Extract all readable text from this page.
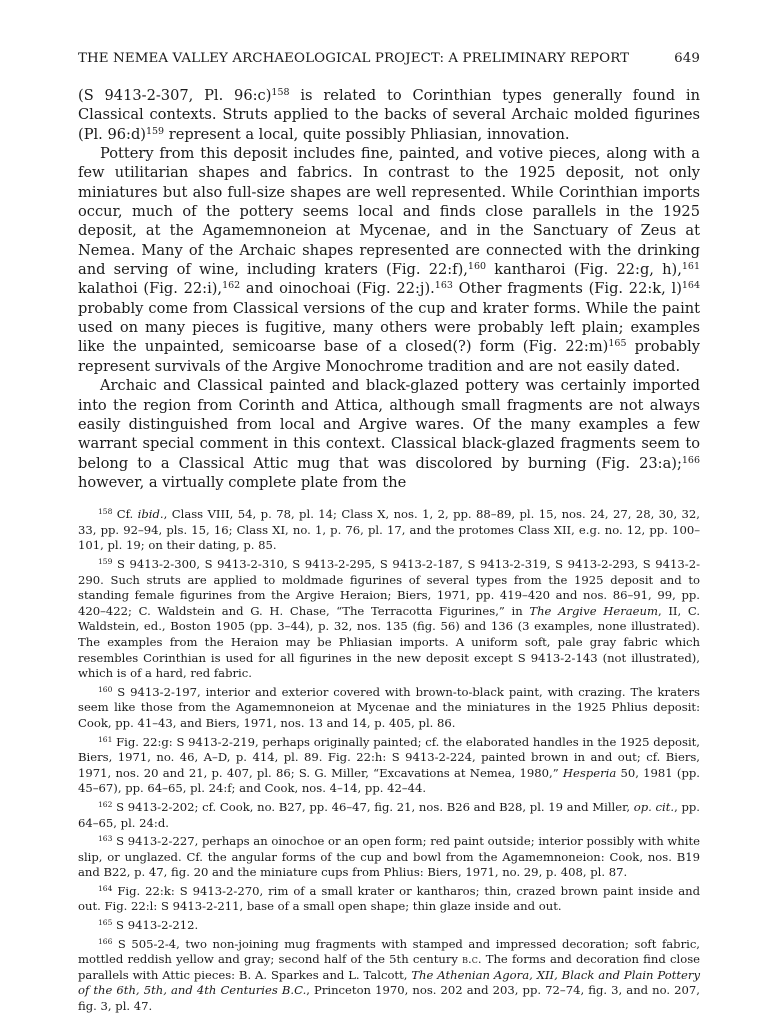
THE NEMEA VALLEY ARCHAEOLOGICAL PROJECT: A PRELIMINARY REPORT	649

(S 9413-2-307, Pl. 96:c)$^{158}$ is related to Corinthian types generally found in Classical contexts. Struts applied to the backs of several Archaic molded figurines (Pl. 96:d)$^{159}$ represent a local, quite possibly Phliasian, innovation.

Pottery from this deposit includes fine, painted, and votive pieces, along with a few utilitarian shapes and fabrics. In contrast to the 1925 deposit, not only miniatures but also full-size shapes are well represented. While Corinthian imports occur, much of the pottery seems local and finds close parallels in the 1925 deposit, at the Agamemnoneion at Mycenae, and in the Sanctuary of Zeus at Nemea. Many of the Archaic shapes represented are connected with the drinking and serving of wine, including kraters (Fig. 22:f),$^{160}$ kantharoi (Fig. 22:g, h),$^{161}$ kalathoi (Fig. 22:i),$^{162}$ and oinochoai (Fig. 22:j).$^{163}$ Other fragments (Fig. 22:k, l)$^{164}$ probably come from Classical versions of the cup and krater forms. While the paint used on many pieces is fugitive, many others were probably left plain; examples like the unpainted, semicoarse base of a closed(?) form (Fig. 22:m)$^{165}$ probably represent survivals of the Argive Monochrome tradition and are not easily dated.

Archaic and Classical painted and black-glazed pottery was certainly imported into the region from Corinth and Attica, although small fragments are not always easily distinguished from local and Argive wares. Of the many examples a few warrant special comment in this context. Classical black-glazed fragments seem to belong to a Classical Attic mug that was discolored by burning (Fig. 23:a);$^{166}$ however, a virtually complete plate from the

$^{158}$ Cf. ibid., Class VIII, 54, p. 78, pl. 14; Class X, nos. 1, 2, pp. 88–89, pl. 15, nos. 24, 27, 28, 30, 32, 33, pp. 92–94, pls. 15, 16; Class XI, no. 1, p. 76, pl. 17, and the protomes Class XII, e.g. no. 12, pp. 100–101, pl. 19; on their dating, p. 85.

$^{159}$ S 9413-2-300, S 9413-2-310, S 9413-2-295, S 9413-2-187, S 9413-2-319, S 9413-2-293, S 9413-2-290. Such struts are applied to moldmade figurines of several types from the 1925 deposit and to standing female figurines from the Argive Heraion; Biers, 1971, pp. 419–420 and nos. 86–91, 99, pp. 420–422; C. Waldstein and G. H. Chase, “The Terracotta Figurines,” in The Argive Heraeum, II, C. Waldstein, ed., Boston 1905 (pp. 3–44), p. 32, nos. 135 (fig. 56) and 136 (3 examples, none illustrated). The examples from the Heraion may be Phliasian imports. A uniform soft, pale gray fabric which resembles Corinthian is used for all figurines in the new deposit except S 9413-2-143 (not illustrated), which is of a hard, red fabric.

$^{160}$ S 9413-2-197, interior and exterior covered with brown-to-black paint, with crazing. The kraters seem like those from the Agamemnoneion at Mycenae and the miniatures in the 1925 Phlius deposit: Cook, pp. 41–43, and Biers, 1971, nos. 13 and 14, p. 405, pl. 86.

$^{161}$ Fig. 22:g: S 9413-2-219, perhaps originally painted; cf. the elaborated handles in the 1925 deposit, Biers, 1971, no. 46, A–D, p. 414, pl. 89. Fig. 22:h: S 9413-2-224, painted brown in and out; cf. Biers, 1971, nos. 20 and 21, p. 407, pl. 86; S. G. Miller, “Excavations at Nemea, 1980,” Hesperia 50, 1981 (pp. 45–67), pp. 64–65, pl. 24:f; and Cook, nos. 4–14, pp. 42–44.

$^{162}$ S 9413-2-202; cf. Cook, no. B27, pp. 46–47, fig. 21, nos. B26 and B28, pl. 19 and Miller, op. cit., pp. 64–65, pl. 24:d.

$^{163}$ S 9413-2-227, perhaps an oinochoe or an open form; red paint outside; interior possibly with white slip, or unglazed. Cf. the angular forms of the cup and bowl from the Agamemnoneion: Cook, nos. B19 and B22, p. 47, fig. 20 and the miniature cups from Phlius: Biers, 1971, no. 29, p. 408, pl. 87.

$^{164}$ Fig. 22:k: S 9413-2-270, rim of a small krater or kantharos; thin, crazed brown paint inside and out. Fig. 22:l: S 9413-2-211, base of a small open shape; thin glaze inside and out.

$^{165}$ S 9413-2-212.

$^{166}$ S 505-2-4, two non-joining mug fragments with stamped and impressed decoration; soft fabric, mottled reddish yellow and gray; second half of the 5th century b.c. The forms and decoration find close parallels with Attic pieces: B. A. Sparkes and L. Talcott, The Athenian Agora, XII, Black and Plain Pottery of the 6th, 5th, and 4th Centuries B.C., Princeton 1970, nos. 202 and 203, pp. 72–74, fig. 3, and no. 207, fig. 3, pl. 47.
